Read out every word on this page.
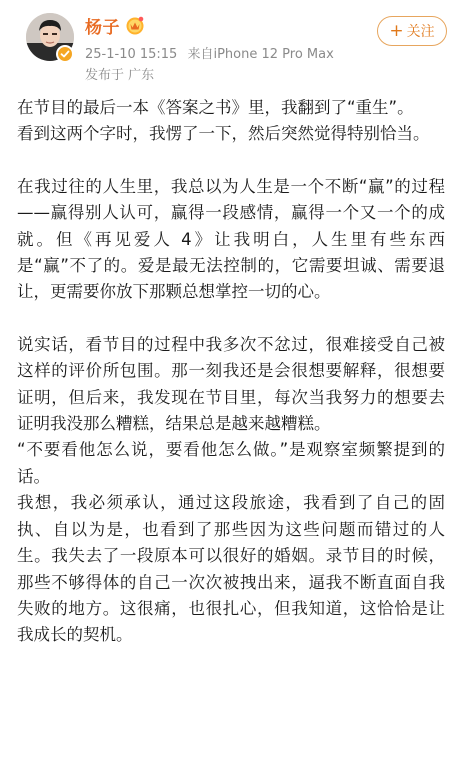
杨子
25-1-10 15:15 来自iPhone 12 Pro Max
发布于 广东
+ 关注

在节目的最后一本《答案之书》里，我翻到了“重生”。

看到这两个字时，我愣了一下，然后突然觉得特别恰当。

在我过往的人生里，我总以为人生是一个不断“赢”的过程——赢得别人认可，赢得一段感情，赢得一个又一个的成就。但《再见爱人 4》让我明白，人生里有些东西是“赢”不了的。爱是最无法控制的，它需要坦诚、需要退让，更需要你放下那颗总想掌控一切的心。

说实话，看节目的过程中我多次不忿过，很难接受自己被这样的评价所包围。那一刻我还是会很想要解释，很想要证明，但后来，我发现在节目里，每次当我努力的想要去证明我没那么糟糕，结果总是越来越糟糕。

“不要看他怎么说，要看他怎么做。”是观察室频繁提到的话。

我想，我必须承认，通过这段旅途，我看到了自己的固执、自以为是，也看到了那些因为这些问题而错过的人生。我失去了一段原本可以很好的婚姻。录节目的时候，那些不够得体的自己一次次被拽出来，逼我不断直面自我失败的地方。这很痛，也很扎心，但我知道，这恰恰是让我成长的契机。
